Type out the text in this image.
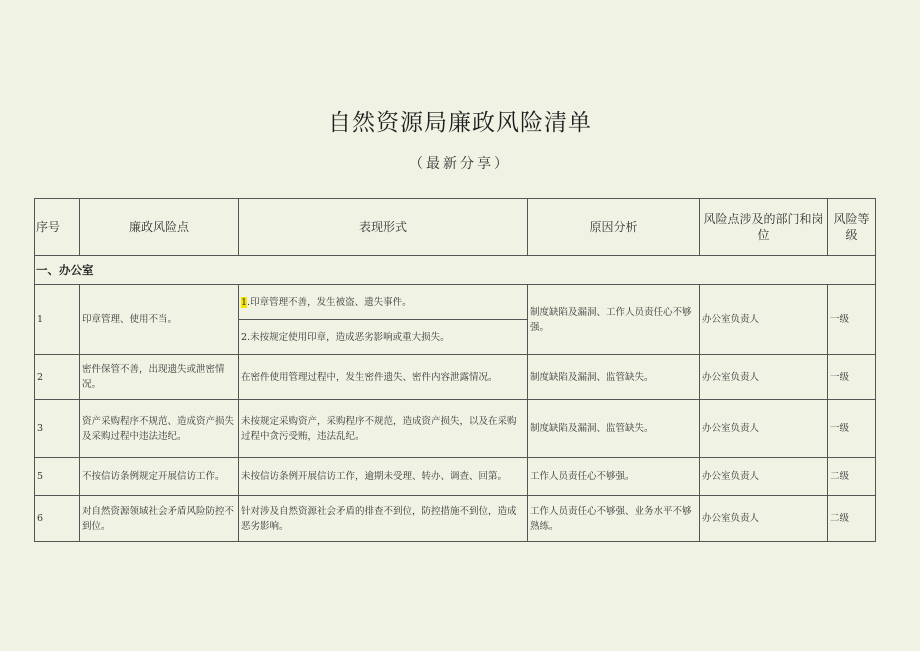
自然资源局廉政风险清单
（最新分享）
序号	廉政风险点	表现形式	原因分析	风险点涉及的部门和岗位	风险等级
一、办公室					
1	印章管理、使用不当。	1.印章管理不善，发生被盗、遗失事件。	制度缺陷及漏洞、工作人员责任心不够强。	办公室负责人	一级
		2.未按规定使用印章，造成恶劣影响或重大损失。			
2	密件保管不善，出现遗失或泄密情况。	在密件使用管理过程中，发生密件遗失、密件内容泄露情况。	制度缺陷及漏洞、监管缺失。	办公室负责人	一级
3	资产采购程序不规范、造成资产损失及采购过程中违法违纪。	未按规定采购资产，采购程序不规范，造成资产损失，以及在采购过程中贪污受贿，违法乱纪。	制度缺陷及漏洞、监管缺失。	办公室负责人	一级
5	不按信访条例规定开展信访工作。	未按信访条例开展信访工作，逾期未受理、转办、调查、回第。	工作人员责任心不够强。	办公室负责人	二级
6	对自然资源领域社会矛盾风险防控不到位。	针对涉及自然资源社会矛盾的排查不到位，防控措施不到位，造成恶劣影响。	工作人员责任心不够强、业务水平不够熟练。	办公室负责人	二级
